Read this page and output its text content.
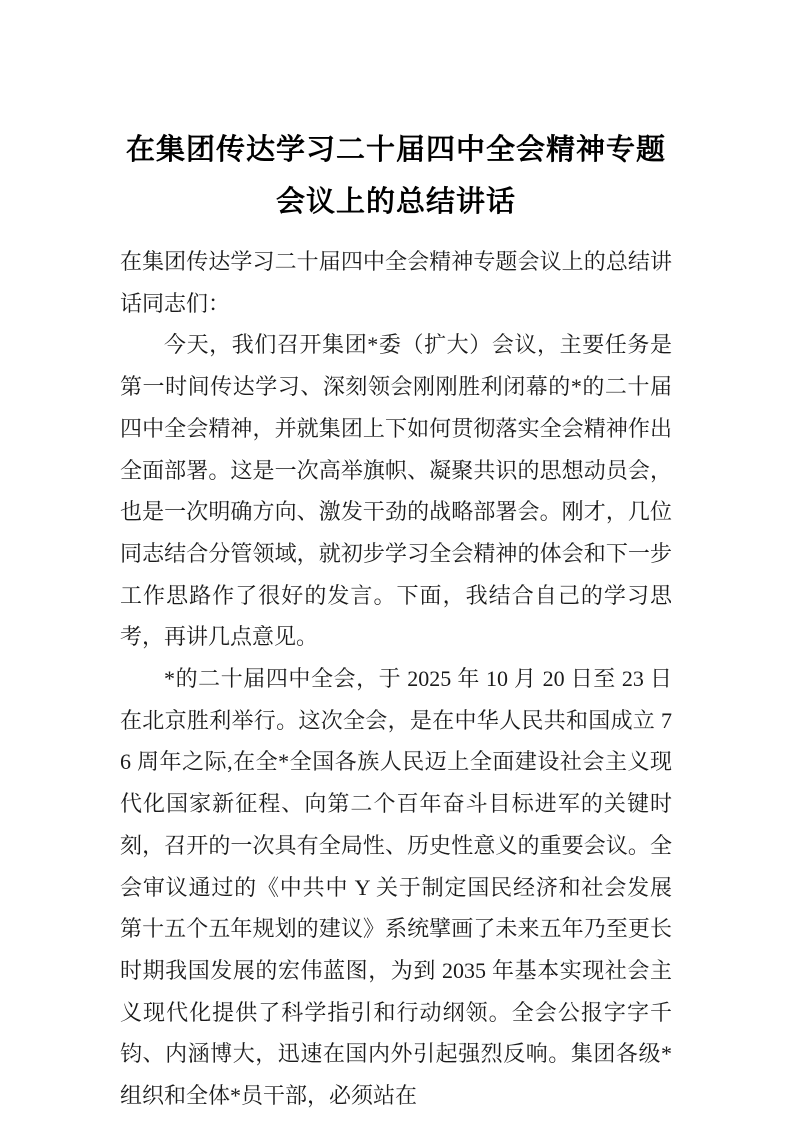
在集团传达学习二十届四中全会精神专题
会议上的总结讲话

在集团传达学习二十届四中全会精神专题会议上的总结讲话同志们：

今天，我们召开集团*委（扩大）会议，主要任务是第一时间传达学习、深刻领会刚刚胜利闭幕的*的二十届四中全会精神，并就集团上下如何贯彻落实全会精神作出全面部署。这是一次高举旗帜、凝聚共识的思想动员会，也是一次明确方向、激发干劲的战略部署会。刚才，几位同志结合分管领域，就初步学习全会精神的体会和下一步工作思路作了很好的发言。下面，我结合自己的学习思考，再讲几点意见。

*的二十届四中全会，于 2025 年 10 月 20 日至 23 日在北京胜利举行。这次全会，是在中华人民共和国成立 76 周年之际,在全*全国各族人民迈上全面建设社会主义现代化国家新征程、向第二个百年奋斗目标进军的关键时刻，召开的一次具有全局性、历史性意义的重要会议。全会审议通过的《中共中 Y 关于制定国民经济和社会发展第十五个五年规划的建议》系统擘画了未来五年乃至更长时期我国发展的宏伟蓝图，为到 2035 年基本实现社会主义现代化提供了科学指引和行动纲领。全会公报字字千钧、内涵博大，迅速在国内外引起强烈反响。集团各级*组织和全体*员干部，必须站在
